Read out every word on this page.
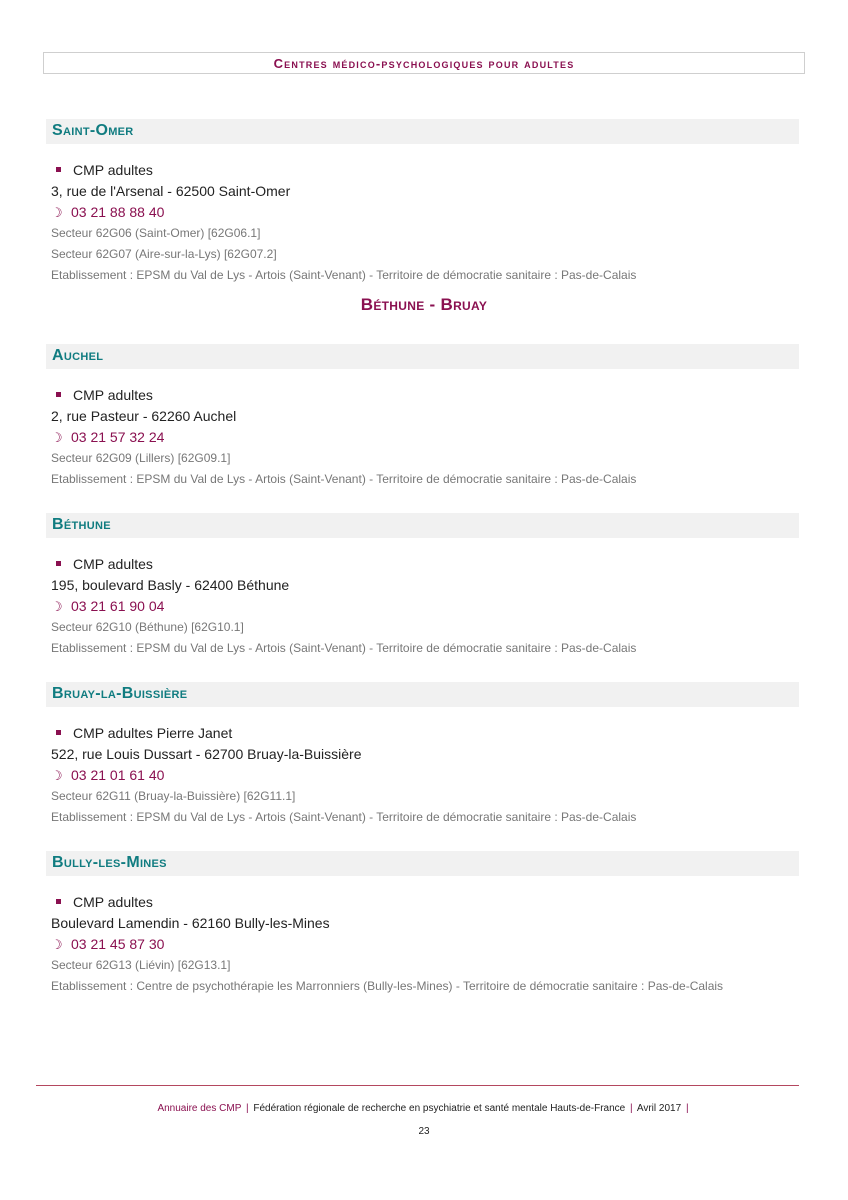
Centres médico-psychologiques pour adultes
Saint-Omer
CMP adultes
3, rue de l'Arsenal - 62500 Saint-Omer
☽ 03 21 88 88 40
Secteur 62G06 (Saint-Omer) [62G06.1]
Secteur 62G07 (Aire-sur-la-Lys) [62G07.2]
Etablissement : EPSM du Val de Lys - Artois (Saint-Venant) - Territoire de démocratie sanitaire : Pas-de-Calais
Béthune - Bruay
Auchel
CMP adultes
2, rue Pasteur - 62260 Auchel
☽ 03 21 57 32 24
Secteur 62G09 (Lillers) [62G09.1]
Etablissement : EPSM du Val de Lys - Artois (Saint-Venant) - Territoire de démocratie sanitaire : Pas-de-Calais
Béthune
CMP adultes
195, boulevard Basly - 62400 Béthune
☽ 03 21 61 90 04
Secteur 62G10 (Béthune) [62G10.1]
Etablissement : EPSM du Val de Lys - Artois (Saint-Venant) - Territoire de démocratie sanitaire : Pas-de-Calais
Bruay-la-Buissière
CMP adultes Pierre Janet
522, rue Louis Dussart - 62700 Bruay-la-Buissière
☽ 03 21 01 61 40
Secteur 62G11 (Bruay-la-Buissière) [62G11.1]
Etablissement : EPSM du Val de Lys - Artois (Saint-Venant) - Territoire de démocratie sanitaire : Pas-de-Calais
Bully-les-Mines
CMP adultes
Boulevard Lamendin - 62160 Bully-les-Mines
☽ 03 21 45 87 30
Secteur 62G13 (Liévin) [62G13.1]
Etablissement : Centre de psychothérapie les Marronniers (Bully-les-Mines) - Territoire de démocratie sanitaire : Pas-de-Calais
Annuaire des CMP | Fédération régionale de recherche en psychiatrie et santé mentale Hauts-de-France | Avril 2017 |
23
